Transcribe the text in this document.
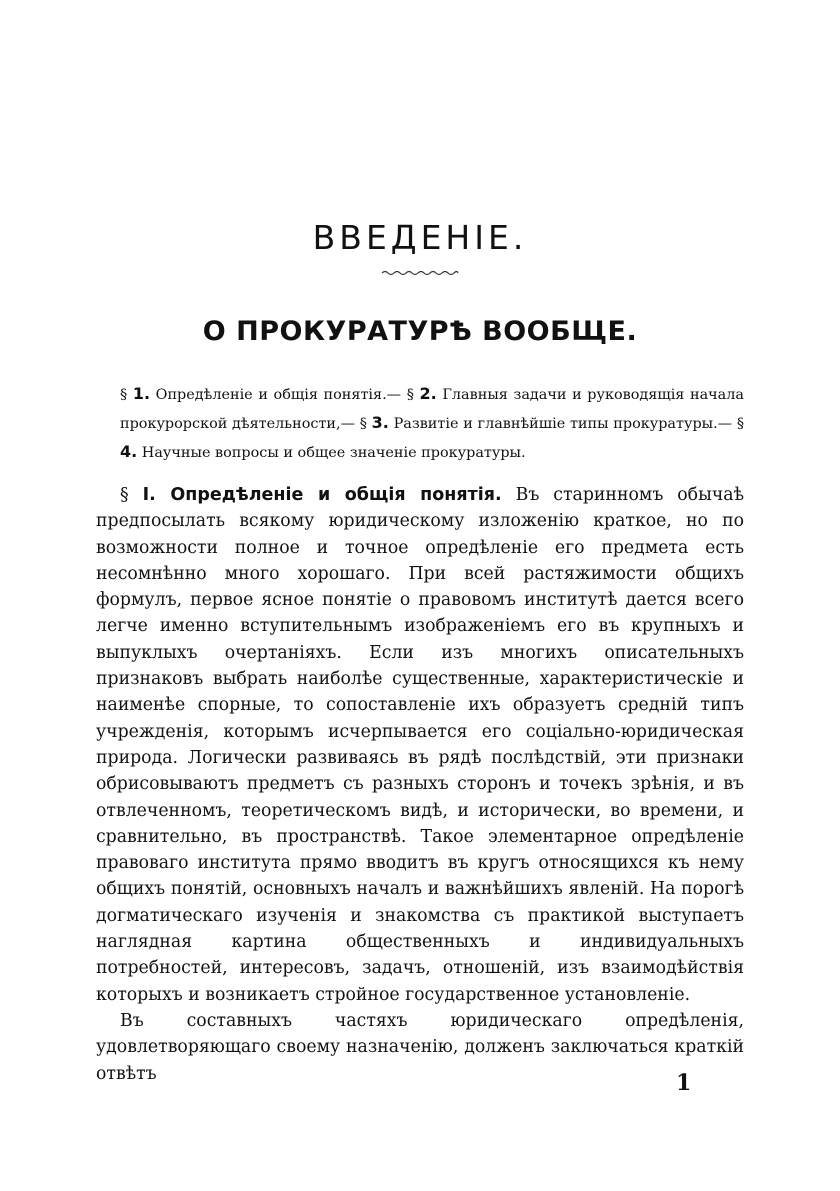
ВВЕДЕНІЕ.
О ПРОКУРАТУРѢ ВООБЩЕ.

§ 1. Опредѣленіе и общія понятія.— § 2. Главныя задачи и руководящія начала прокурорской дѣятельности,— § 3. Развитіе и главнѣйшіе типы прокуратуры.— § 4. Научные вопросы и общее значеніе прокуратуры.

§ I. Опредѣленіе и общія понятія. Въ старинномъ обычаѣ предпосылать всякому юридическому изложенію краткое, но по возможности полное и точное опредѣленіе его предмета есть несомнѣнно много хорошаго. При всей растяжимости общихъ формулъ, первое ясное понятіе о правовомъ институтѣ дается всего легче именно вступительнымъ изображеніемъ его въ крупныхъ и выпуклыхъ очертаніяхъ. Если изъ многихъ описательныхъ признаковъ выбрать наиболѣе существенные, характеристическіе и наименѣе спорные, то сопоставленіе ихъ образуетъ средній типъ учрежденія, которымъ исчерпывается его соціально-юридическая природа. Логически развиваясь въ рядѣ послѣдствій, эти признаки обрисовываютъ предметъ съ разныхъ сторонъ и точекъ зрѣнія, и въ отвлеченномъ, теоретическомъ видѣ, и исторически, во времени, и сравнительно, въ пространствѣ. Такое элементарное опредѣленіе правоваго института прямо вводитъ въ кругъ относящихся къ нему общихъ понятій, основныхъ началъ и важнѣйшихъ явленій. На порогѣ догматическаго изученія и знакомства съ практикой выступаетъ наглядная картина общественныхъ и индивидуальныхъ потребностей, интересовъ, задачъ, отношеній, изъ взаимодѣйствія которыхъ и возникаетъ стройное государственное установленіе.

Въ составныхъ частяхъ юридическаго опредѣленія, удовлетворяющаго своему назначенію, долженъ заключаться краткій отвѣтъ	1
